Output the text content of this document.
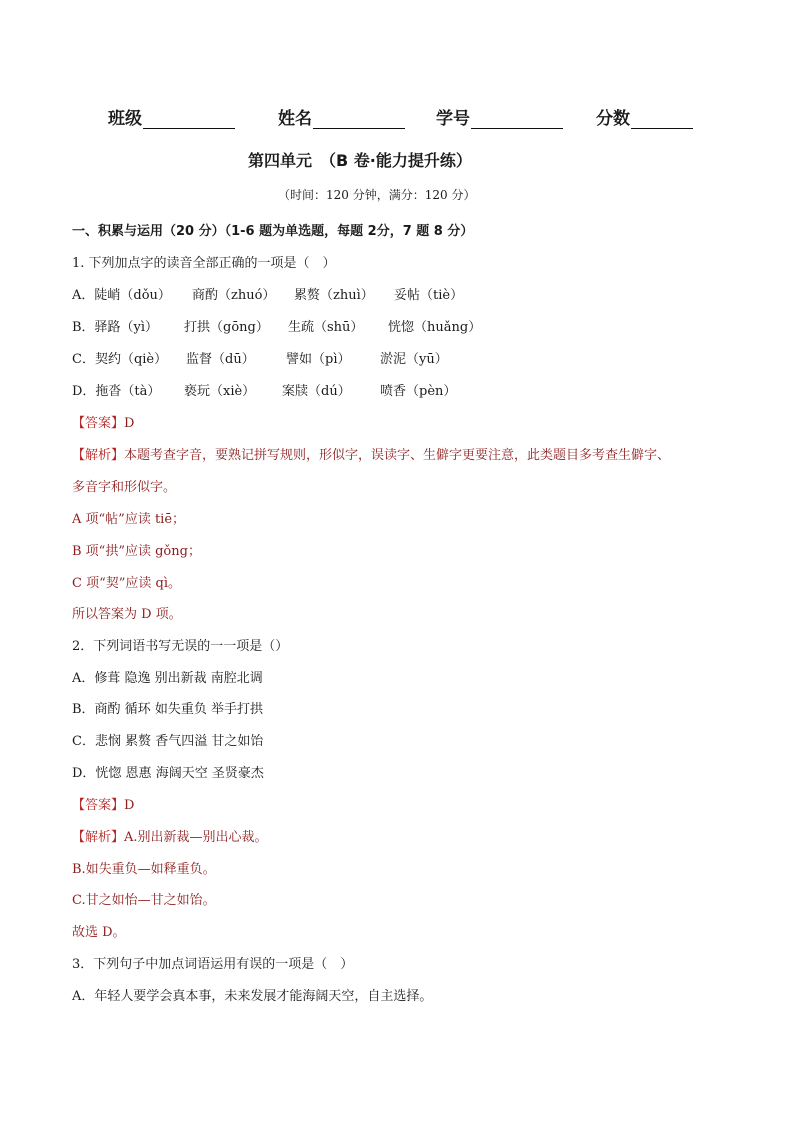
班级	姓名	学号	分数
第四单元　（B 卷·能力提升练）
（时间：120 分钟，满分：120 分）
一、积累与运用（20 分）（1-6 题为单选题，每题 2分，7 题 8 分）
1. 下列加点字的读音全部正确的一项是（　）
A．陡峭（dǒu） 商酌（zhuó） 累赘（zhuì） 妥帖（tiè）
B．驿路（yì） 打拱（gōng） 生疏（shū） 恍惚（huǎng）
C．契约（qiè） 监督（dū） 譬如（pì） 淤泥（yū）
D．拖沓（tà） 亵玩（xiè） 案牍（dú） 喷香（pèn）
【答案】D
【解析】本题考查字音，要熟记拼写规则，形似字，误读字、生僻字更要注意，此类题目多考查生僻字、
多音字和形似字。
A 项“帖”应读 tiē；
B 项“拱”应读 gǒng；
C 项“契”应读 qì。
所以答案为 D 项。
2．下列词语书写无误的一一项是（）
A．修葺 隐逸 别出新裁 南腔北调
B．商酌 循环 如失重负 举手打拱
C．悲悯 累赘 香气四溢 甘之如饴
D．恍惚 恩惠 海阔天空 圣贤豪杰
【答案】D
【解析】A.别出新裁—别出心裁。
B.如失重负—如释重负。
C.甘之如怡—甘之如饴。
故选 D。
3．下列句子中加点词语运用有误的一项是（　）
A．年轻人要学会真本事，未来发展才能海阔天空，自主选择。
